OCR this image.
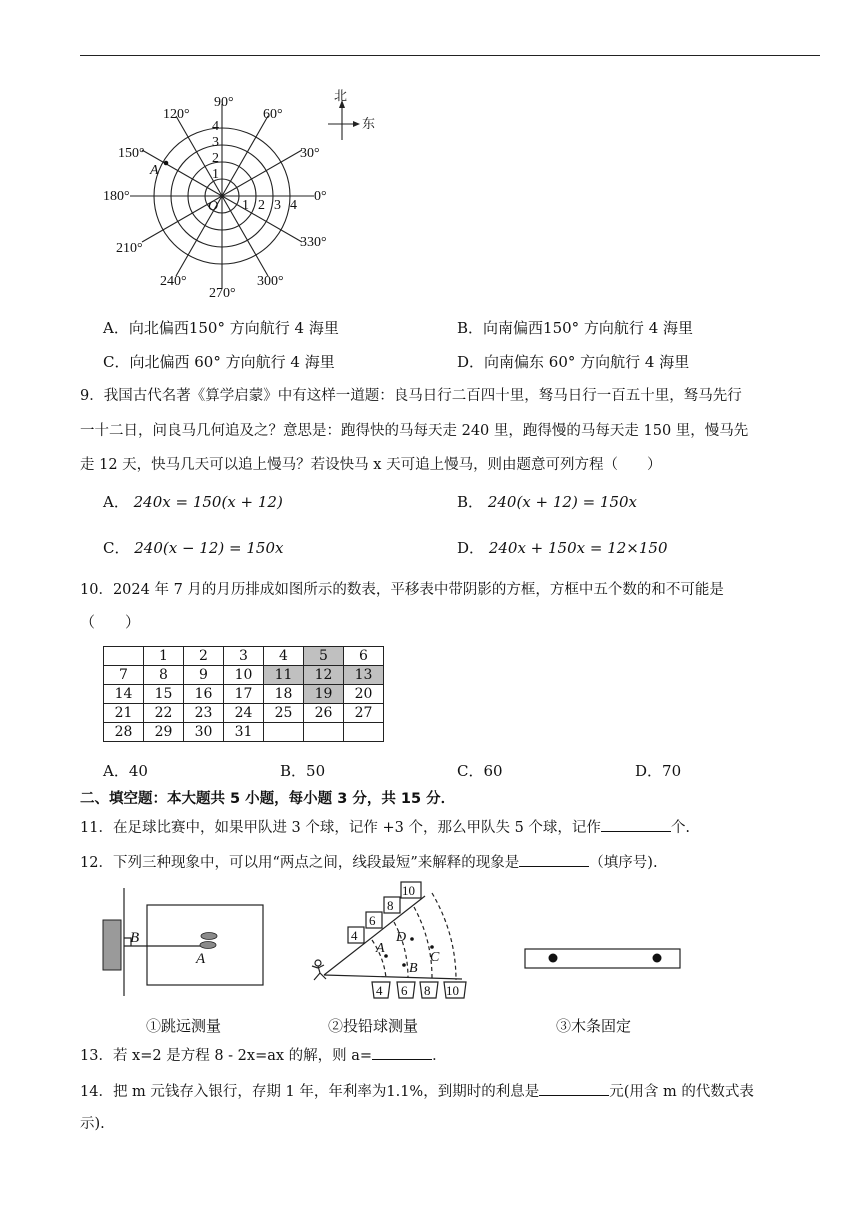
90°
120°	60°
150°	30°
180°	0°
210°	330°
240°	300°
270°
4
3
2
1
1 2 3 4
O
A
北
东
A．向北偏西150° 方向航行 4 海里	B．向南偏西150° 方向航行 4 海里
C．向北偏西 60° 方向航行 4 海里	D．向南偏东 60° 方向航行 4 海里
9．我国古代名著《算学启蒙》中有这样一道题：良马日行二百四十里，驽马日行一百五十里，驽马先行
一十二日，问良马几何追及之？意思是：跑得快的马每天走 240 里，跑得慢的马每天走 150 里，慢马先
走 12 天，快马几天可以追上慢马？若设快马 x 天可追上慢马，则由题意可列方程（　　）
A． 240x = 150(x + 12)	B． 240(x + 12) = 150x
C． 240(x − 12) = 150x	D． 240x + 150x = 12×150
10．2024 年 7 月的月历排成如图所示的数表，平移表中带阴影的方框，方框中五个数的和不可能是
（　　）
	1	2	3	4	5	6
7	8	9	10	11	12	13
14	15	16	17	18	19	20
21	22	23	24	25	26	27
28	29	30	31			
A．40	B．50	C．60	D．70
二、填空题：本大题共 5 小题，每小题 3 分，共 15 分．
11．在足球比赛中，如果甲队进 3 个球，记作 +3 个，那么甲队失 5 个球，记作	个.
12．下列三种现象中，可以用“两点之间，线段最短”来解释的现象是	（填序号).
B
A
4
6
8
10
4 6 8 10
A
D
B
C
①跳远测量	②投铅球测量	③木条固定
13．若 x=2 是方程 8 - 2x=ax 的解，则 a=	．
14．把 m 元钱存入银行，存期 1 年，年利率为1.1%，到期时的利息是	元(用含 m 的代数式表
示).
